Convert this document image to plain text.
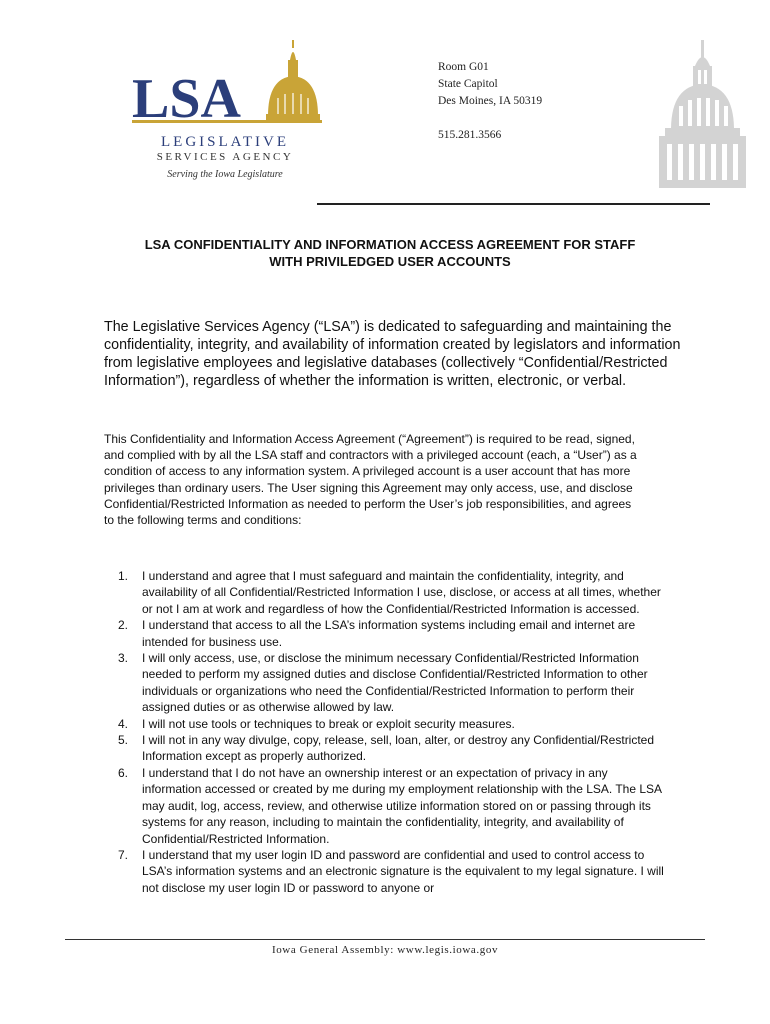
LSA
LEGISLATIVE
SERVICES AGENCY
Serving the Iowa Legislature
Room G01
State Capitol
Des Moines, IA 50319
515.281.3566
LSA CONFIDENTIALITY AND INFORMATION ACCESS AGREEMENT FOR STAFF
WITH PRIVILEDGED USER ACCOUNTS

The Legislative Services Agency (“LSA”) is dedicated to safeguarding and maintaining the confidentiality, integrity, and availability of information created by legislators and information from legislative employees and legislative databases (collectively “Confidential/Restricted Information”), regardless of whether the information is written, electronic, or verbal.

This Confidentiality and Information Access Agreement (“Agreement”) is required to be read, signed, and complied with by all the LSA staff and contractors with a privileged account (each, a “User”) as a condition of access to any information system. A privileged account is a user account that has more privileges than ordinary users. The User signing this Agreement may only access, use, and disclose Confidential/Restricted Information as needed to perform the User’s job responsibilities, and agrees to the following terms and conditions:

1. I understand and agree that I must safeguard and maintain the confidentiality, integrity, and availability of all Confidential/Restricted Information I use, disclose, or access at all times, whether or not I am at work and regardless of how the Confidential/Restricted Information is accessed.
2. I understand that access to all the LSA’s information systems including email and internet are intended for business use.
3. I will only access, use, or disclose the minimum necessary Confidential/Restricted Information needed to perform my assigned duties and disclose Confidential/Restricted Information to other individuals or organizations who need the Confidential/Restricted Information to perform their assigned duties or as otherwise allowed by law.
4. I will not use tools or techniques to break or exploit security measures.
5. I will not in any way divulge, copy, release, sell, loan, alter, or destroy any Confidential/Restricted Information except as properly authorized.
6. I understand that I do not have an ownership interest or an expectation of privacy in any information accessed or created by me during my employment relationship with the LSA. The LSA may audit, log, access, review, and otherwise utilize information stored on or passing through its systems for any reason, including to maintain the confidentiality, integrity, and availability of Confidential/Restricted Information.
7. I understand that my user login ID and password are confidential and used to control access to LSA’s information systems and an electronic signature is the equivalent to my legal signature. I will not disclose my user login ID or password to anyone or
Iowa General Assembly: www.legis.iowa.gov
